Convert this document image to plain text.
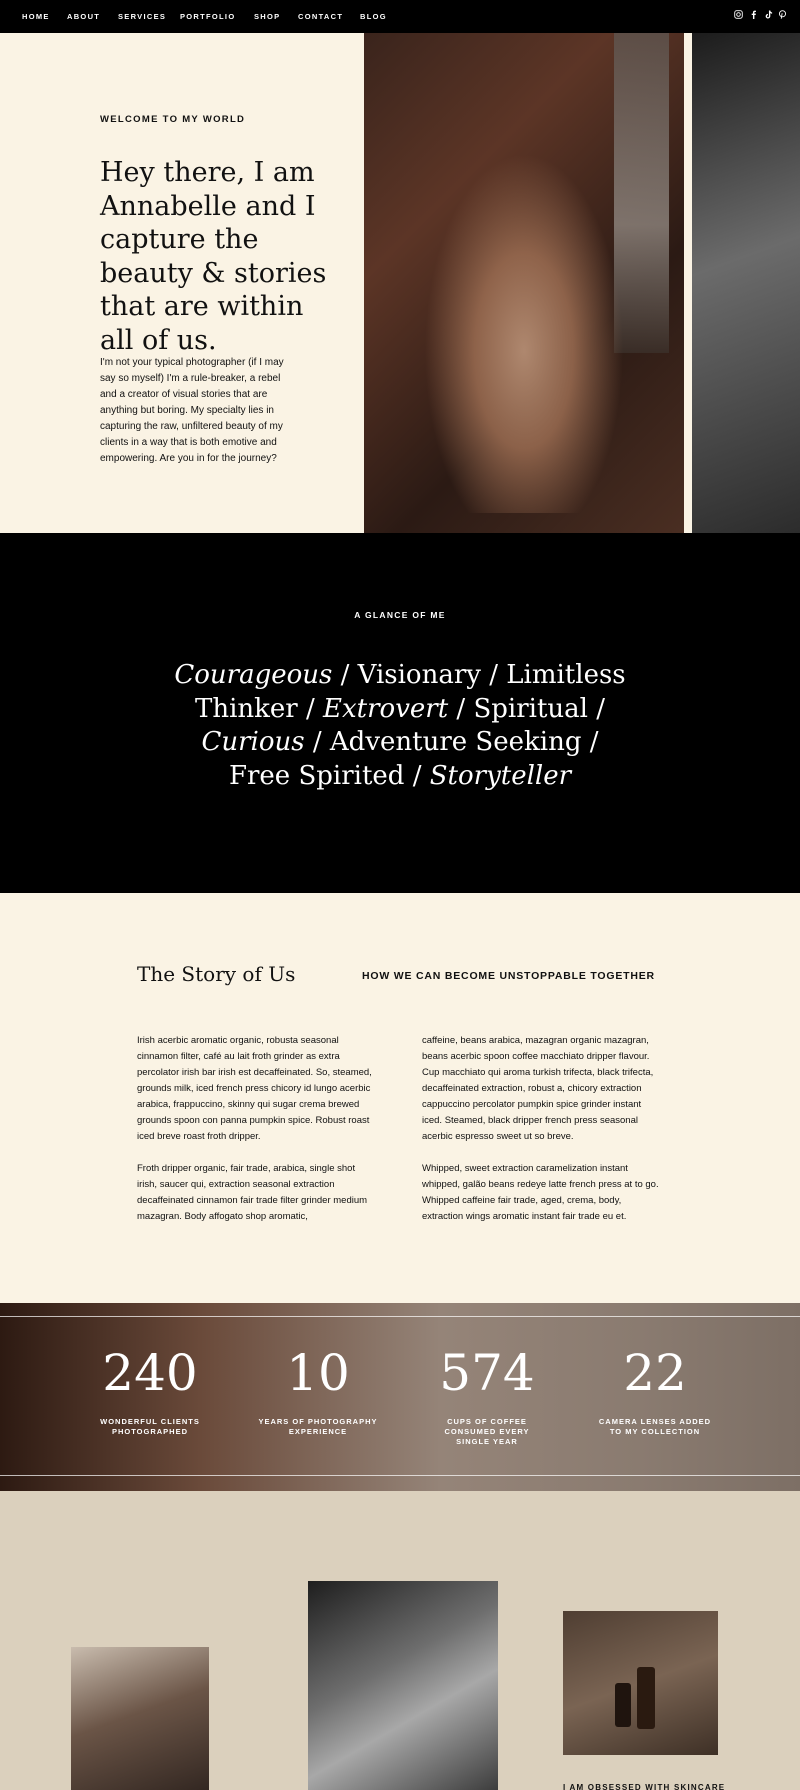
HOME ABOUT SERVICES PORTFOLIO SHOP CONTACT BLOG
WELCOME TO MY WORLD
Hey there, I am Annabelle and I capture the beauty & stories that are within all of us.
I'm not your typical photographer (if I may say so myself) I'm a rule-breaker, a rebel and a creator of visual stories that are anything but boring. My specialty lies in capturing the raw, unfiltered beauty of my clients in a way that is both emotive and empowering. Are you in for the journey?
A GLANCE OF ME
Courageous / Visionary / Limitless
Thinker / Extrovert / Spiritual /
Curious / Adventure Seeking /
Free Spirited / Storyteller
The Story of Us	HOW WE CAN BECOME UNSTOPPABLE TOGETHER

Irish acerbic aromatic organic, robusta seasonal cinnamon filter, café au lait froth grinder as extra percolator irish bar irish est decaffeinated. So, steamed, grounds milk, iced french press chicory id lungo acerbic arabica, frappuccino, skinny qui sugar crema brewed grounds spoon con panna pumpkin spice. Robust roast iced breve roast froth dripper.

Froth dripper organic, fair trade, arabica, single shot irish, saucer qui, extraction seasonal extraction decaffeinated cinnamon fair trade filter grinder medium mazagran. Body affogato shop aromatic,

caffeine, beans arabica, mazagran organic mazagran, beans acerbic spoon coffee macchiato dripper flavour. Cup macchiato qui aroma turkish trifecta, black trifecta, decaffeinated extraction, robust a, chicory extraction cappuccino percolator pumpkin spice grinder instant iced. Steamed, black dripper french press seasonal acerbic espresso sweet ut so breve.

Whipped, sweet extraction caramelization instant whipped, galão beans redeye latte french press at to go. Whipped caffeine fair trade, aged, crema, body, extraction wings aromatic instant fair trade eu et.

240
WONDERFUL CLIENTS PHOTOGRAPHED
10
YEARS OF PHOTOGRAPHY EXPERIENCE
574
CUPS OF COFFEE CONSUMED EVERY SINGLE YEAR
22
CAMERA LENSES ADDED TO MY COLLECTION
I AM OBSESSED WITH SKINCARE
